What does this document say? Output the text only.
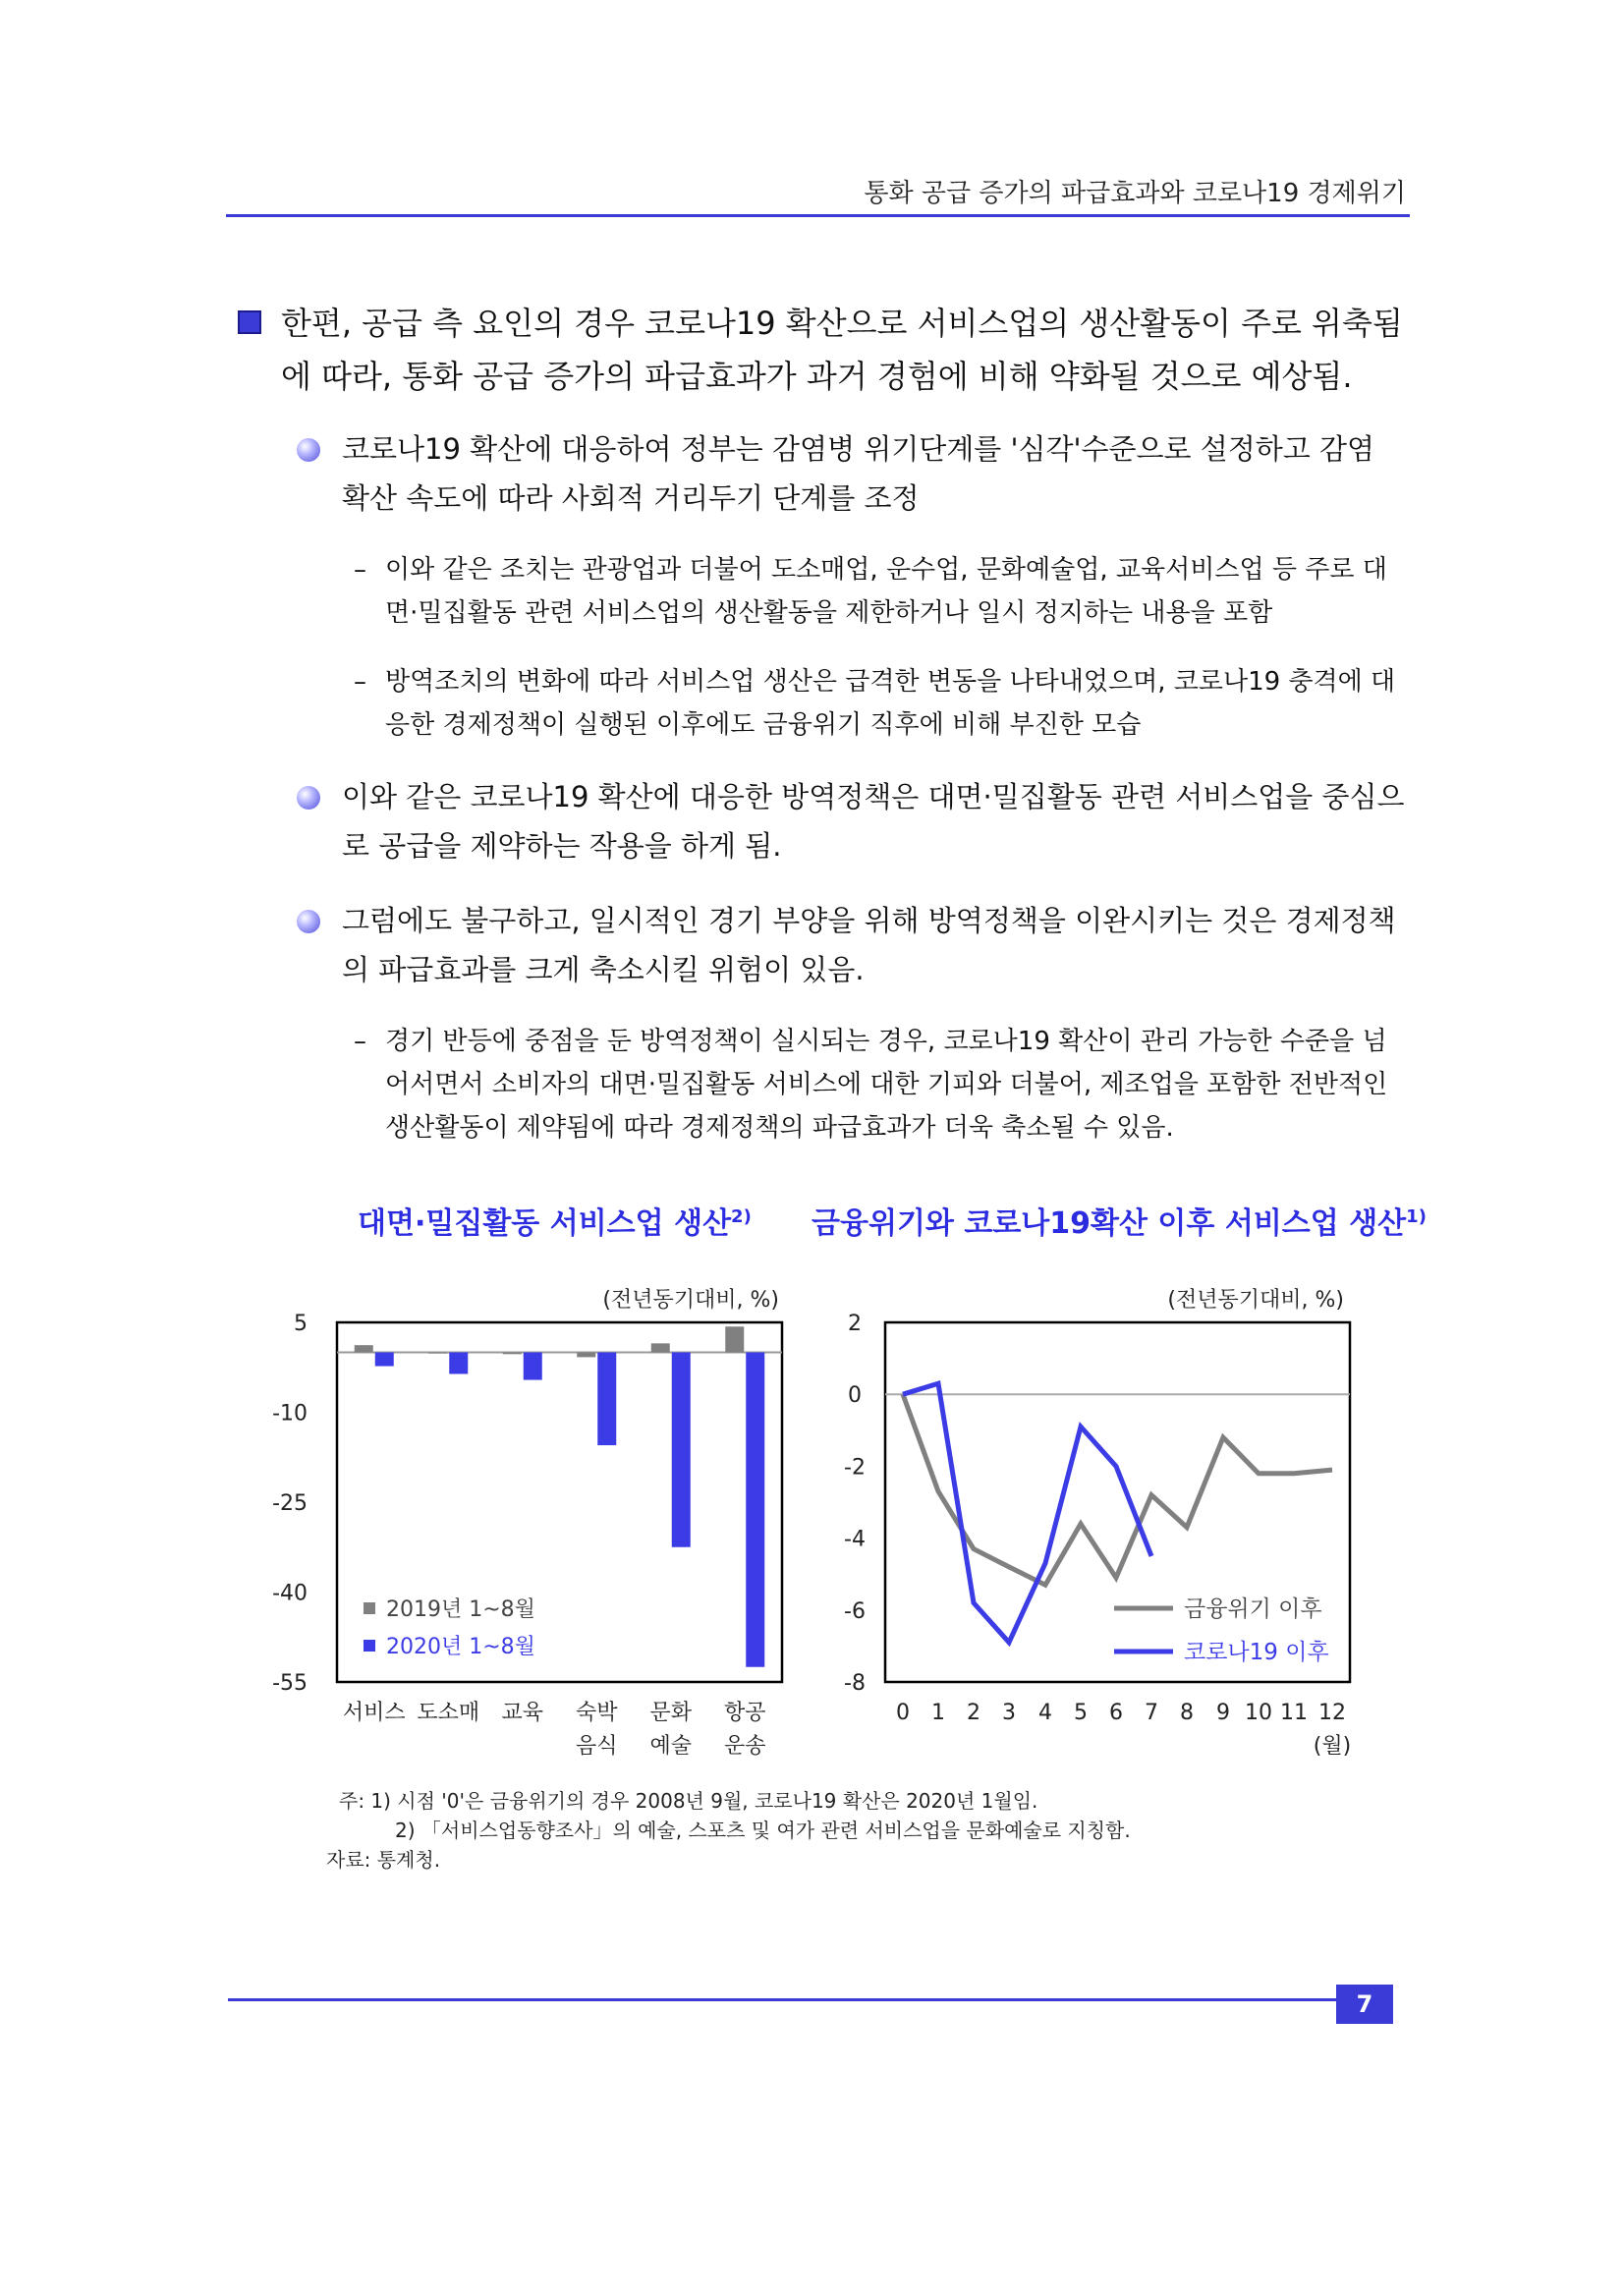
통화 공급 증가의 파급효과와 코로나19 경제위기
한편, 공급 측 요인의 경우 코로나19 확산으로 서비스업의 생산활동이 주로 위축됨에 따라, 통화 공급 증가의 파급효과가 과거 경험에 비해 약화될 것으로 예상됨.
코로나19 확산에 대응하여 정부는 감염병 위기단계를 '심각'수준으로 설정하고 감염 확산 속도에 따라 사회적 거리두기 단계를 조정
– 이와 같은 조치는 관광업과 더불어 도소매업, 운수업, 문화예술업, 교육서비스업 등 주로 대면·밀집활동 관련 서비스업의 생산활동을 제한하거나 일시 정지하는 내용을 포함
– 방역조치의 변화에 따라 서비스업 생산은 급격한 변동을 나타내었으며, 코로나19 충격에 대응한 경제정책이 실행된 이후에도 금융위기 직후에 비해 부진한 모습
이와 같은 코로나19 확산에 대응한 방역정책은 대면·밀집활동 관련 서비스업을 중심으로 공급을 제약하는 작용을 하게 됨.
그럼에도 불구하고, 일시적인 경기 부양을 위해 방역정책을 이완시키는 것은 경제정책의 파급효과를 크게 축소시킬 위험이 있음.
– 경기 반등에 중점을 둔 방역정책이 실시되는 경우, 코로나19 확산이 관리 가능한 수준을 넘어서면서 소비자의 대면·밀집활동 서비스에 대한 기피와 더불어, 제조업을 포함한 전반적인 생산활동이 제약됨에 따라 경제정책의 파급효과가 더욱 축소될 수 있음.
대면·밀집활동 서비스업 생산$^{2)}$ 금융위기와 코로나19확산 이후 서비스업 생산$^{1)}$
5
-10
-25
-40
-55
(전년동기대비, %)
서비스 도소매 교육 숙박
음식
문화
예술
항공
운송
2019년 1~8월
2020년 1~8월
2
0
-2
-4
-6
-8
(전년동기대비, %)
0 1 2 3 4 5 6 7 8 9 10 11 12
(월)
금융위기 이후
코로나19 이후
주: 1) 시점 '0'은 금융위기의 경우 2008년 9월, 코로나19 확산은 2020년 1월임.
2) 「서비스업동향조사」의 예술, 스포츠 및 여가 관련 서비스업을 문화예술로 지칭함.
자료: 통계청.
7
